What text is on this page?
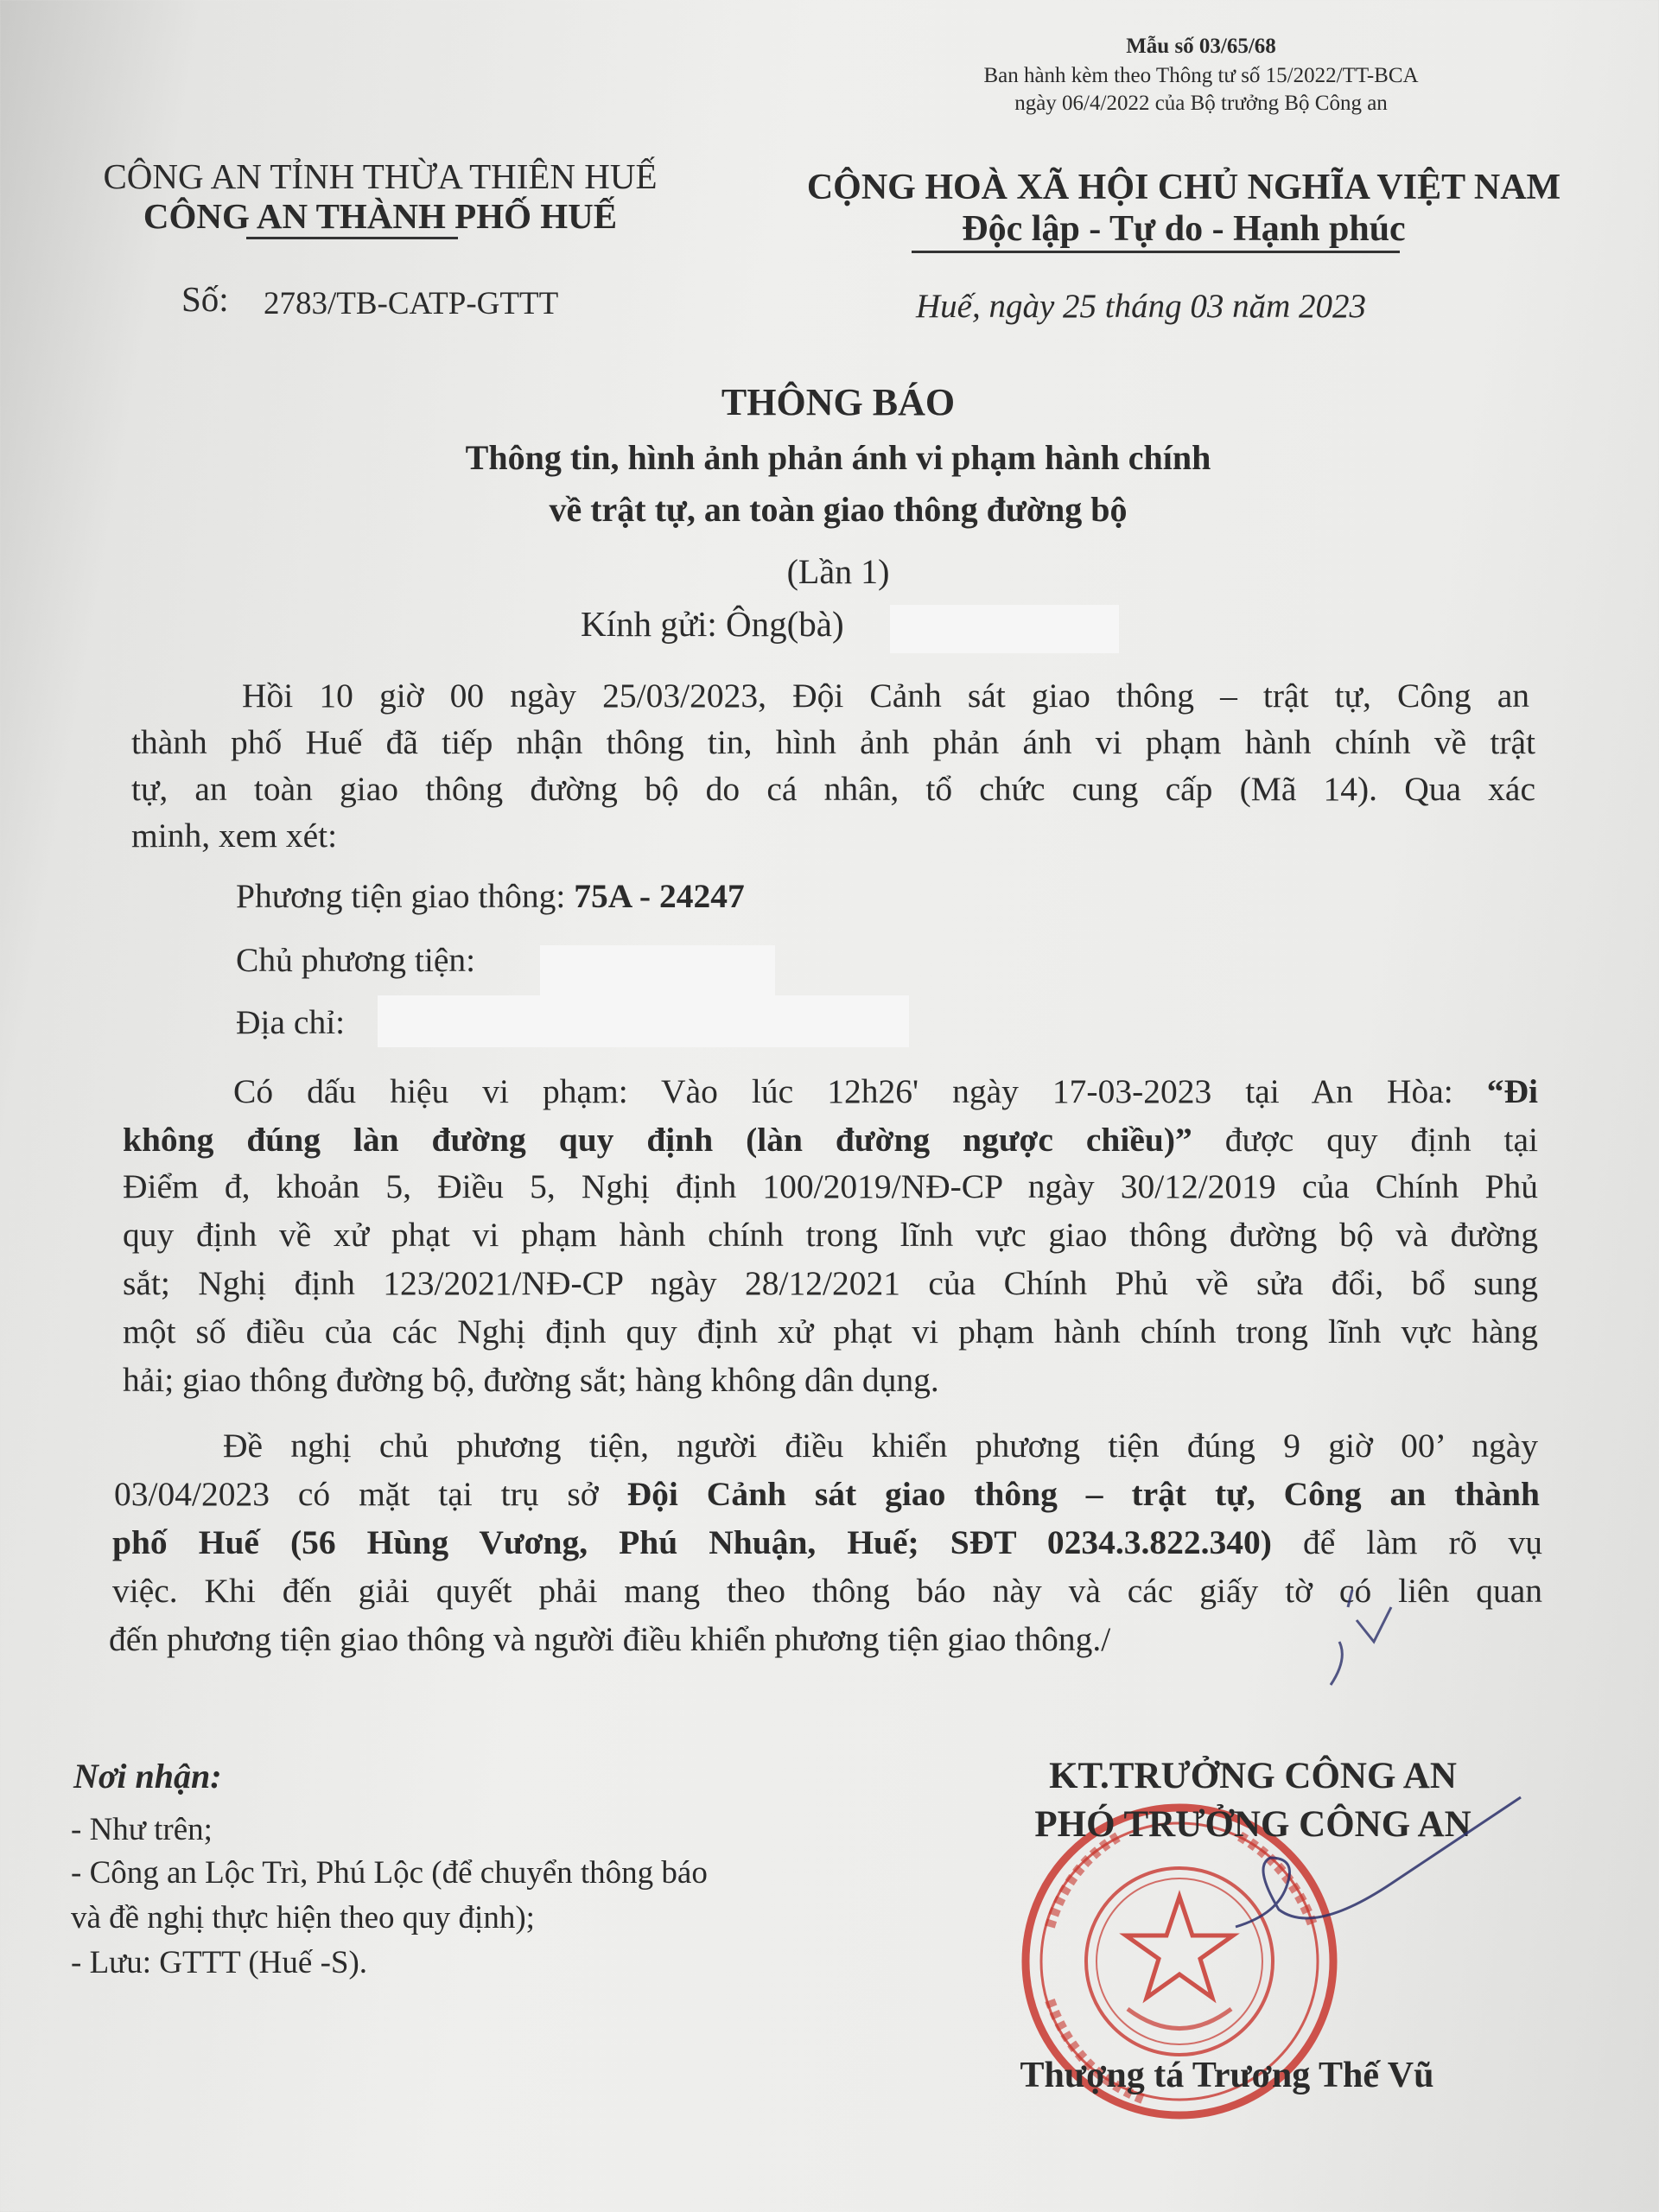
Mẫu số 03/65/68
Ban hành kèm theo Thông tư số 15/2022/TT-BCA
ngày 06/4/2022 của Bộ trưởng Bộ Công an
CÔNG AN TỈNH THỪA THIÊN HUẾ
CÔNG AN THÀNH PHỐ HUẾ
Số: 2783/TB-CATP-GTTT
CỘNG HOÀ XÃ HỘI CHỦ NGHĨA VIỆT NAM
Độc lập - Tự do - Hạnh phúc
Huế, ngày 25 tháng 03 năm 2023
THÔNG BÁO
Thông tin, hình ảnh phản ánh vi phạm hành chính
về trật tự, an toàn giao thông đường bộ
(Lần 1)
Kính gửi: Ông(bà)
Hồi 10 giờ 00 ngày 25/03/2023, Đội Cảnh sát giao thông – trật tự, Công an
thành phố Huế đã tiếp nhận thông tin, hình ảnh phản ánh vi phạm hành chính về trật
tự, an toàn giao thông đường bộ do cá nhân, tổ chức cung cấp (Mã 14). Qua xác
minh, xem xét:
Phương tiện giao thông: 75A - 24247
Chủ phương tiện:
Địa chỉ:
Có dấu hiệu vi phạm: Vào lúc 12h26' ngày 17-03-2023 tại An Hòa: “Đi
không đúng làn đường quy định (làn đường ngược chiều)” được quy định tại
Điểm đ, khoản 5, Điều 5, Nghị định 100/2019/NĐ-CP ngày 30/12/2019 của Chính Phủ
quy định về xử phạt vi phạm hành chính trong lĩnh vực giao thông đường bộ và đường
sắt; Nghị định 123/2021/NĐ-CP ngày 28/12/2021 của Chính Phủ về sửa đổi, bổ sung
một số điều của các Nghị định quy định xử phạt vi phạm hành chính trong lĩnh vực hàng
hải; giao thông đường bộ, đường sắt; hàng không dân dụng.
Đề nghị chủ phương tiện, người điều khiển phương tiện đúng 9 giờ 00’ ngày
03/04/2023 có mặt tại trụ sở Đội Cảnh sát giao thông – trật tự, Công an thành
phố Huế (56 Hùng Vương, Phú Nhuận, Huế; SĐT 0234.3.822.340) để làm rõ vụ
việc. Khi đến giải quyết phải mang theo thông báo này và các giấy tờ có liên quan
đến phương tiện giao thông và người điều khiển phương tiện giao thông./
Nơi nhận:
- Như trên;
- Công an Lộc Trì, Phú Lộc (để chuyển thông báo
và đề nghị thực hiện theo quy định);
- Lưu: GTTT (Huế -S).
KT.TRƯỞNG CÔNG AN
PHÓ TRƯỞNG CÔNG AN
Thượng tá Trương Thế Vũ
